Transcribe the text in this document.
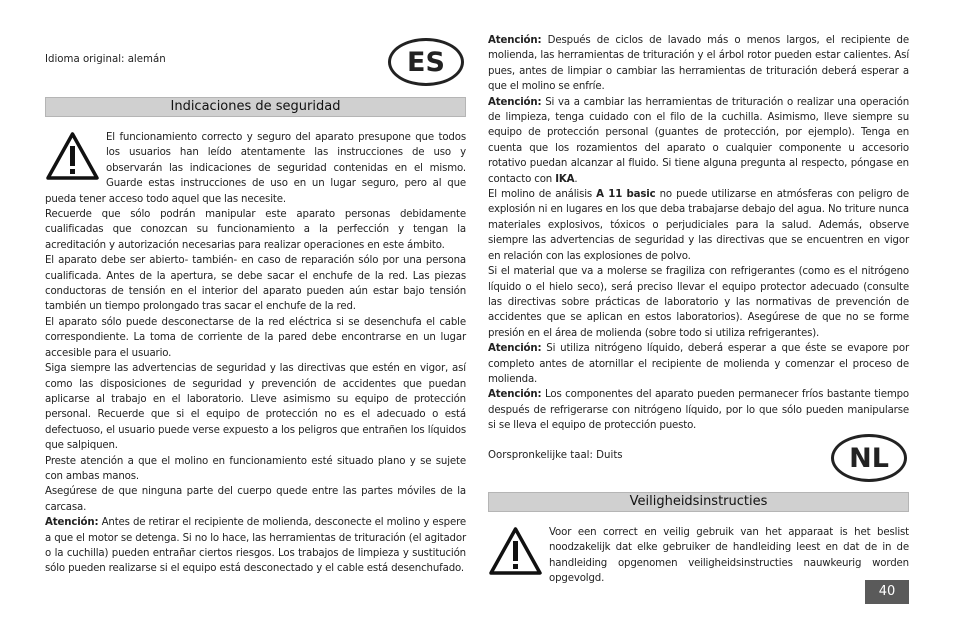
Idioma original: alemán	ES
Indicaciones de seguridad

El funcionamiento correcto y seguro del aparato presupone que todos los usuarios han leído atentamente las instrucciones de uso y observarán las indicaciones de seguridad contenidas en el mismo. Guarde estas instrucciones de uso en un lugar seguro, pero al que pueda tener acceso todo aquel que las necesite.

Recuerde que sólo podrán manipular este aparato personas debidamente cualificadas que conozcan su funcionamiento a la perfección y tengan la acreditación y autorización necesarias para realizar operaciones en este ámbito.

El aparato debe ser abierto- también- en caso de reparación sólo por una persona cualificada. Antes de la apertura, se debe sacar el enchufe de la red. Las piezas conductoras de tensión en el interior del aparato pueden aún estar bajo tensión también un tiempo prolongado tras sacar el enchufe de la red.

El aparato sólo puede desconectarse de la red eléctrica si se desenchufa el cable correspondiente. La toma de corriente de la pared debe encontrarse en un lugar accesible para el usuario.

Siga siempre las advertencias de seguridad y las directivas que estén en vigor, así como las disposiciones de seguridad y prevención de accidentes que puedan aplicarse al trabajo en el laboratorio. Lleve asimismo su equipo de protección personal. Recuerde que si el equipo de protección no es el adecuado o está defectuoso, el usuario puede verse expuesto a los peligros que entrañen los líquidos que salpiquen.

Preste atención a que el molino en funcionamiento esté situado plano y se sujete con ambas manos.

Asegúrese de que ninguna parte del cuerpo quede entre las partes móviles de la carcasa.

Atención: Antes de retirar el recipiente de molienda, desconecte el molino y espere a que el motor se detenga. Si no lo hace, las herramientas de trituración (el agitador o la cuchilla) pueden entrañar ciertos riesgos. Los trabajos de limpieza y sustitución sólo pueden realizarse si el equipo está desconectado y el cable está desenchufado.

Atención: Después de ciclos de lavado más o menos largos, el recipiente de molienda, las herramientas de trituración y el árbol rotor pueden estar calientes. Así pues, antes de limpiar o cambiar las herramientas de trituración deberá esperar a que el molino se enfríe.

Atención: Si va a cambiar las herramientas de trituración o realizar una operación de limpieza, tenga cuidado con el filo de la cuchilla. Asimismo, lleve siempre su equipo de protección personal (guantes de protección, por ejemplo). Tenga en cuenta que los rozamientos del aparato o cualquier componente u accesorio rotativo puedan alcanzar al fluido. Si tiene alguna pregunta al respecto, póngase en contacto con IKA.

El molino de análisis A 11 basic no puede utilizarse en atmósferas con peligro de explosión ni en lugares en los que deba trabajarse debajo del agua. No triture nunca materiales explosivos, tóxicos o perjudiciales para la salud. Además, observe siempre las advertencias de seguridad y las directivas que se encuentren en vigor en relación con las explosiones de polvo.

Si el material que va a molerse se fragiliza con refrigerantes (como es el nitrógeno líquido o el hielo seco), será preciso llevar el equipo protector adecuado (consulte las directivas sobre prácticas de laboratorio y las normativas de prevención de accidentes que se aplican en estos laboratorios). Asegúrese de que no se forme presión en el área de molienda (sobre todo si utiliza refrigerantes).

Atención: Si utiliza nitrógeno líquido, deberá esperar a que éste se evapore por completo antes de atornillar el recipiente de molienda y comenzar el proceso de molienda.

Atención: Los componentes del aparato pueden permanecer fríos bastante tiempo después de refrigerarse con nitrógeno líquido, por lo que sólo pueden manipularse si se lleva el equipo de protección puesto.

Oorspronkelijke taal: Duits	NL
Veiligheidsinstructies

Voor een correct en veilig gebruik van het apparaat is het beslist noodzakelijk dat elke gebruiker de handleiding leest en dat de in de handleiding opgenomen veiligheidsinstructies nauwkeurig worden opgevolgd.

40
